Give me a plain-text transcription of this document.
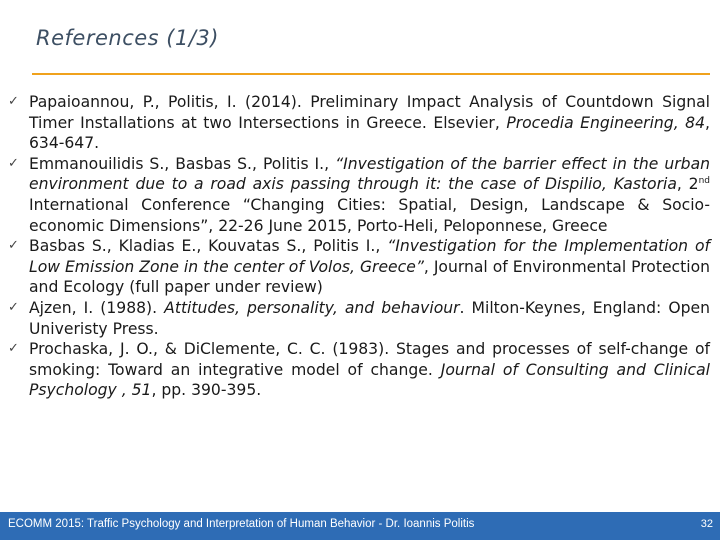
References (1/3)
✓ Papaioannou, P., Politis, I. (2014). Preliminary Impact Analysis of Countdown Signal Timer Installations at two Intersections in Greece. Elsevier, Procedia Engineering, 84, 634-647.
✓ Emmanouilidis S., Basbas S., Politis I., “Investigation of the barrier effect in the urban environment due to a road axis passing through it: the case of Dispilio, Kastoria, 2nd International Conference “Changing Cities: Spatial, Design, Landscape & Socio-economic Dimensions”, 22-26 June 2015, Porto-Heli, Peloponnese, Greece
✓ Basbas S., Kladias E., Kouvatas S., Politis I., “Investigation for the Implementation of Low Emission Zone in the center of Volos, Greece”, Journal of Environmental Protection and Ecology (full paper under review)
✓ Ajzen, I. (1988). Attitudes, personality, and behaviour. Milton-Keynes, England: Open Univeristy Press.
✓ Prochaska, J. O., & DiClemente, C. C. (1983). Stages and processes of self-change of smoking: Toward an integrative model of change. Journal of Consulting and Clinical Psychology , 51, pp. 390-395.
ECOMM 2015: Traffic Psychology and Interpretation of Human Behavior - Dr. Ioannis Politis	32
